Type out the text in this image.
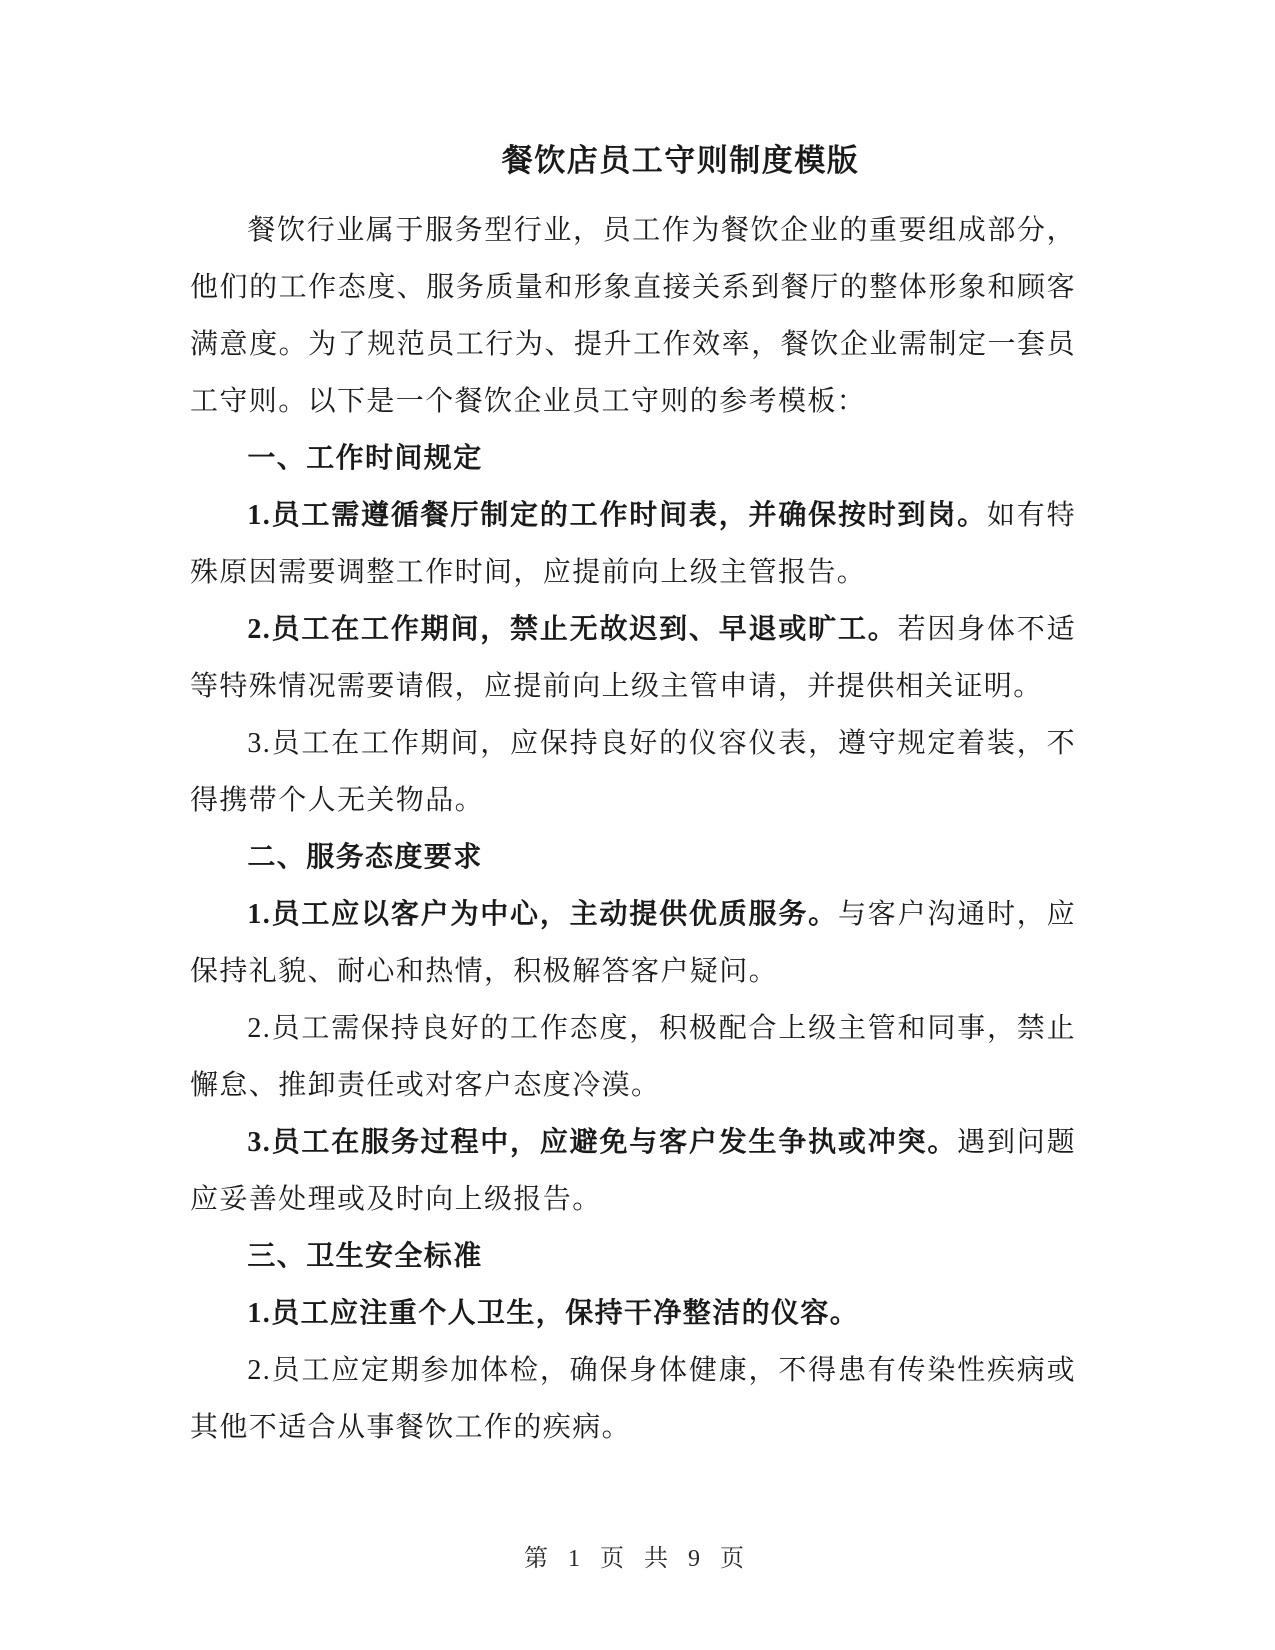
餐饮店员工守则制度模版

餐饮行业属于服务型行业，员工作为餐饮企业的重要组成部分，他们的工作态度、服务质量和形象直接关系到餐厅的整体形象和顾客满意度。为了规范员工行为、提升工作效率，餐饮企业需制定一套员工守则。以下是一个餐饮企业员工守则的参考模板：

一、工作时间规定

1.员工需遵循餐厅制定的工作时间表，并确保按时到岗。如有特殊原因需要调整工作时间，应提前向上级主管报告。

2.员工在工作期间，禁止无故迟到、早退或旷工。若因身体不适等特殊情况需要请假，应提前向上级主管申请，并提供相关证明。

3.员工在工作期间，应保持良好的仪容仪表，遵守规定着装，不得携带个人无关物品。

二、服务态度要求

1.员工应以客户为中心，主动提供优质服务。与客户沟通时，应保持礼貌、耐心和热情，积极解答客户疑问。

2.员工需保持良好的工作态度，积极配合上级主管和同事，禁止懈怠、推卸责任或对客户态度冷漠。

3.员工在服务过程中，应避免与客户发生争执或冲突。遇到问题应妥善处理或及时向上级报告。

三、卫生安全标准

1.员工应注重个人卫生，保持干净整洁的仪容。

2.员工应定期参加体检，确保身体健康，不得患有传染性疾病或其他不适合从事餐饮工作的疾病。

第 1 页 共 9 页
